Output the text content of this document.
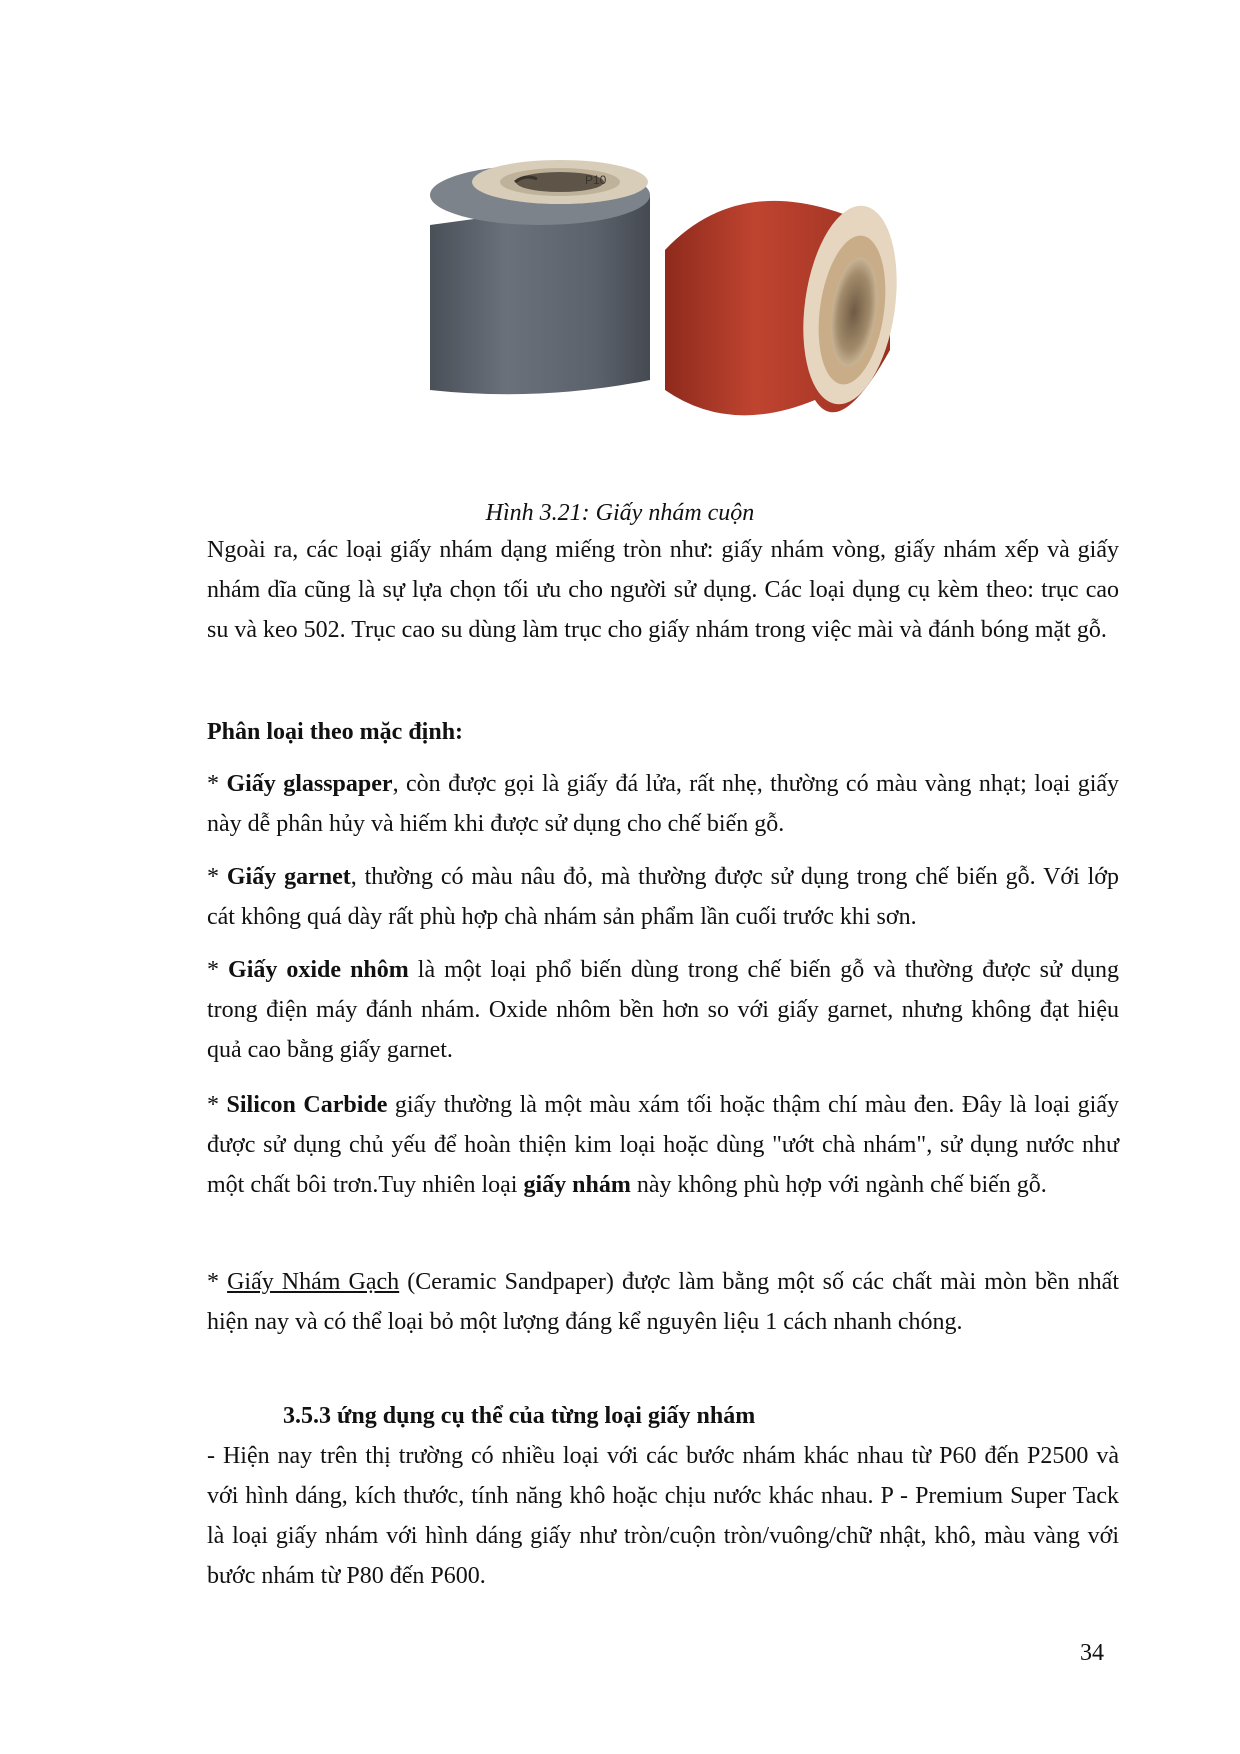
P10
Hình 3.21: Giấy nhám cuộn
Ngoài ra, các loại giấy nhám dạng miếng tròn như: giấy nhám vòng, giấy nhám xếp và giấy nhám dĩa cũng là sự lựa chọn tối ưu cho người sử dụng. Các loại dụng cụ kèm theo: trục cao su và keo 502. Trục cao su dùng làm trục cho giấy nhám trong việc mài và đánh bóng mặt gỗ.
Phân loại theo mặc định:
* Giấy glasspaper, còn được gọi là giấy đá lửa, rất nhẹ, thường có màu vàng nhạt; loại giấy này dễ phân hủy và hiếm khi được sử dụng cho chế biến gỗ.
* Giấy garnet, thường có màu nâu đỏ, mà thường được sử dụng trong chế biến gỗ. Với lớp cát không quá dày rất phù hợp chà nhám sản phẩm lần cuối trước khi sơn.
* Giấy oxide nhôm là một loại phổ biến dùng trong chế biến gỗ và thường được sử dụng trong điện máy đánh nhám. Oxide nhôm bền hơn so với giấy garnet, nhưng không đạt hiệu quả cao bằng giấy garnet.
* Silicon Carbide giấy thường là một màu xám tối hoặc thậm chí màu đen. Đây là loại giấy được sử dụng chủ yếu để hoàn thiện kim loại hoặc dùng "ướt chà nhám", sử dụng nước như một chất bôi trơn.Tuy nhiên loại giấy nhám này không phù hợp với ngành chế biến gỗ.
* Giấy Nhám Gạch (Ceramic Sandpaper) được làm bằng một số các chất mài mòn bền nhất hiện nay và có thể loại bỏ một lượng đáng kể nguyên liệu 1 cách nhanh chóng.
3.5.3 ứng dụng cụ thể của từng loại giấy nhám
- Hiện nay trên thị trường có nhiều loại với các bước nhám khác nhau từ P60 đến P2500 và với hình dáng, kích thước, tính năng khô hoặc chịu nước khác nhau. P - Premium Super Tack là loại giấy nhám với hình dáng giấy như tròn/cuộn tròn/vuông/chữ nhật, khô, màu vàng với bước nhám từ P80 đến P600.
34
